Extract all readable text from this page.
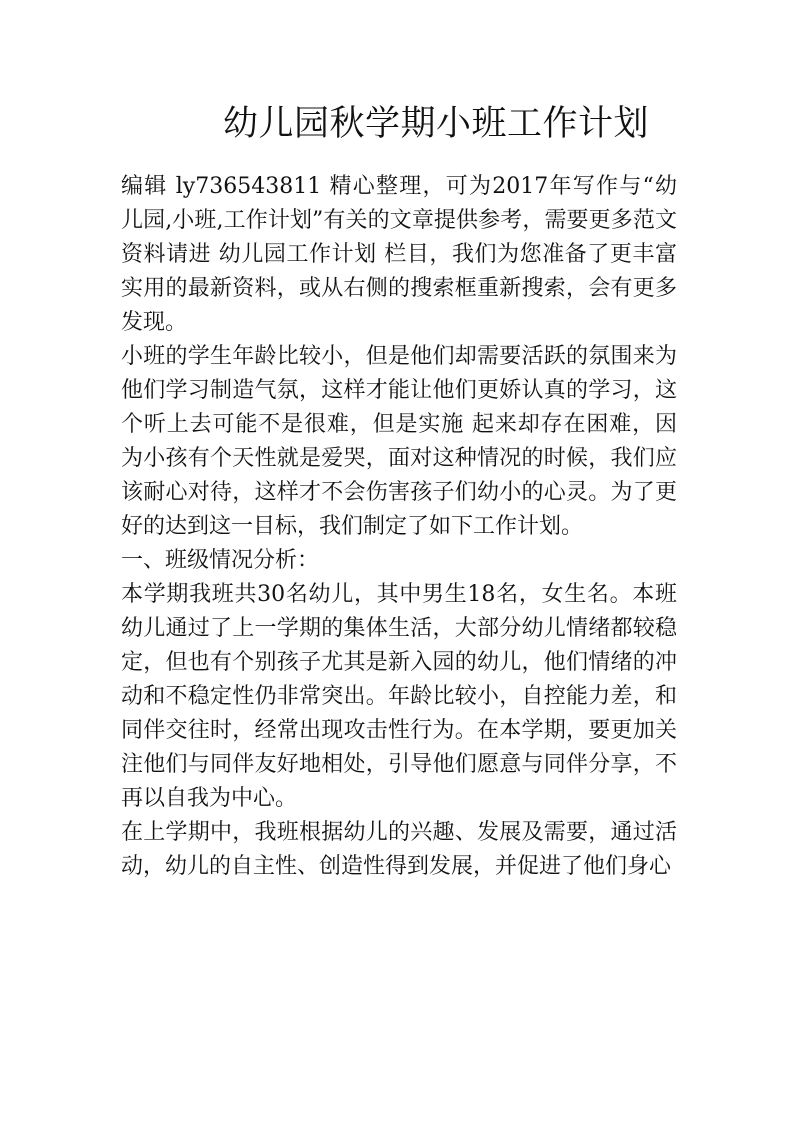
幼儿园秋学期小班工作计划

编辑 ly736543811 精心整理，可为2017年写作与“幼儿园,小班,工作计划”有关的文章提供参考，需要更多范文资料请进 幼儿园工作计划 栏目，我们为您准备了更丰富实用的最新资料，或从右侧的搜索框重新搜索，会有更多发现。

小班的学生年龄比较小，但是他们却需要活跃的氛围来为他们学习制造气氛，这样才能让他们更娇认真的学习，这个听上去可能不是很难，但是实施 起来却存在困难，因为小孩有个天性就是爱哭，面对这种情况的时候，我们应该耐心对待，这样才不会伤害孩子们幼小的心灵。为了更好的达到这一目标，我们制定了如下工作计划。

一、班级情况分析：

本学期我班共30名幼儿，其中男生18名，女生名。本班幼儿通过了上一学期的集体生活，大部分幼儿情绪都较稳定，但也有个别孩子尤其是新入园的幼儿，他们情绪的冲动和不稳定性仍非常突出。年龄比较小，自控能力差，和同伴交往时，经常出现攻击性行为。在本学期，要更加关注他们与同伴友好地相处，引导他们愿意与同伴分享，不再以自我为中心。

在上学期中，我班根据幼儿的兴趣、发展及需要，通过活动，幼儿的自主性、创造性得到发展，并促进了他们身心
